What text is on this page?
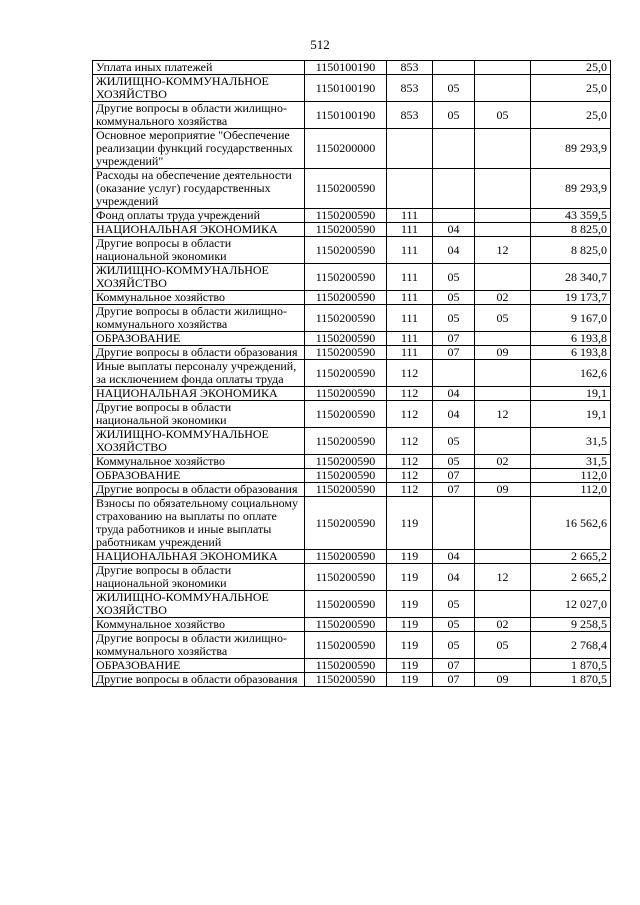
512
Уплата иных платежей	1150100190	853			25,0
ЖИЛИЩНО-КОММУНАЛЬНОЕ ХОЗЯЙСТВО	1150100190	853	05		25,0
Другие вопросы в области жилищно-коммунального хозяйства	1150100190	853	05	05	25,0
Основное мероприятие "Обеспечение реализации функций государственных учреждений"	1150200000				89 293,9
Расходы на обеспечение деятельности (оказание услуг) государственных учреждений	1150200590				89 293,9
Фонд оплаты труда учреждений	1150200590	111			43 359,5
НАЦИОНАЛЬНАЯ ЭКОНОМИКА	1150200590	111	04		8 825,0
Другие вопросы в области национальной экономики	1150200590	111	04	12	8 825,0
ЖИЛИЩНО-КОММУНАЛЬНОЕ ХОЗЯЙСТВО	1150200590	111	05		28 340,7
Коммунальное хозяйство	1150200590	111	05	02	19 173,7
Другие вопросы в области жилищно-коммунального хозяйства	1150200590	111	05	05	9 167,0
ОБРАЗОВАНИЕ	1150200590	111	07		6 193,8
Другие вопросы в области образования	1150200590	111	07	09	6 193,8
Иные выплаты персоналу учреждений, за исключением фонда оплаты труда	1150200590	112			162,6
НАЦИОНАЛЬНАЯ ЭКОНОМИКА	1150200590	112	04		19,1
Другие вопросы в области национальной экономики	1150200590	112	04	12	19,1
ЖИЛИЩНО-КОММУНАЛЬНОЕ ХОЗЯЙСТВО	1150200590	112	05		31,5
Коммунальное хозяйство	1150200590	112	05	02	31,5
ОБРАЗОВАНИЕ	1150200590	112	07		112,0
Другие вопросы в области образования	1150200590	112	07	09	112,0
Взносы по обязательному социальному страхованию на выплаты по оплате труда работников и иные выплаты работникам учреждений	1150200590	119			16 562,6
НАЦИОНАЛЬНАЯ ЭКОНОМИКА	1150200590	119	04		2 665,2
Другие вопросы в области национальной экономики	1150200590	119	04	12	2 665,2
ЖИЛИЩНО-КОММУНАЛЬНОЕ ХОЗЯЙСТВО	1150200590	119	05		12 027,0
Коммунальное хозяйство	1150200590	119	05	02	9 258,5
Другие вопросы в области жилищно-коммунального хозяйства	1150200590	119	05	05	2 768,4
ОБРАЗОВАНИЕ	1150200590	119	07		1 870,5
Другие вопросы в области образования	1150200590	119	07	09	1 870,5
